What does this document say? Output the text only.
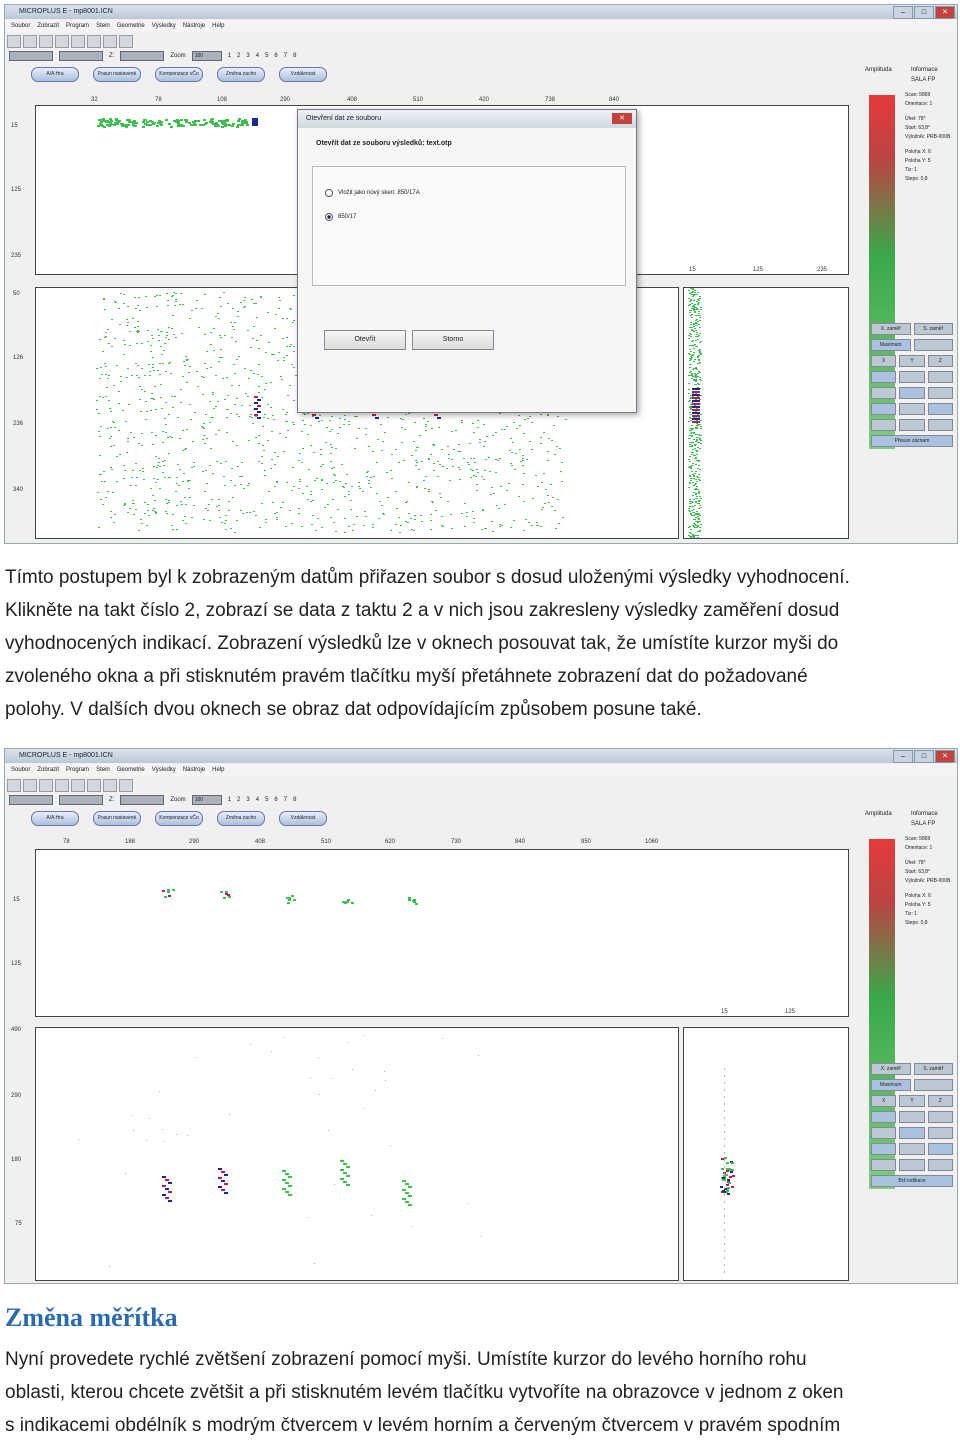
MICROPLUS E - mp8001.ICN	–	□	✕
Soubor Zobrazit Program Stein Geometrie Výsledky Nástroje Help
Z:	Zoom	100	1 2 3 4 5 6 7 8
A/A Hra	Posun nastavené	Kompenzace vČo	Změna zacho	Vzdálenost
32	78	108	290	408	510	420	738	840
15
125
235
15	125	235
50
126
236
340
Amplituda	Informace
SALA FP
Scan: 5869
Orientace: 1
Úhel: 78°
Start: 63,8°
Výložník: PRB-000B
Poloha X: 6
Poloha Y: 5
Tiz: 1
Steps: 0,8
X. zaměř	S. zaměř
Maximum
X	Y	Z
Přesun záznam
Otevření dat ze souboru	✕
Otevřít dat ze souboru výsledků: text.otp
Vložit jako nový sken: 850/17A
850/17
Otevřít	Storno
Tímto postupem byl k zobrazeným datům přiřazen soubor s dosud uloženými výsledky vyhodnocení.
Klikněte na takt číslo 2, zobrazí se data z taktu 2 a v nich jsou zakresleny výsledky zaměření dosud
vyhodnocených indikací. Zobrazení výsledků lze v oknech posouvat tak, že umístíte kurzor myši do
zvoleného okna a při stisknutém pravém tlačítku myší přetáhnete zobrazení dat do požadované
polohy. V dalších dvou oknech se obraz dat odpovídajícím způsobem posune také.
MICROPLUS E - mp8001.ICN	–	□	✕
Soubor Zobrazit Program Stein Geometrie Výsledky Nástroje Help
Z:	Zoom	100	1 2 3 4 5 6 7 8
A/A Hra	Posun nastavené	Kompenzace vČo	Změna zacho	Vzdálenost
78	188	290	408	510	620	730	840	950	1060
15
125
15	125
490
290
180
75
Amplituda	Informace
SALA FP
Scan: 5869
Orientace: 1
Úhel: 78°
Start: 63,8°
Výložník: PRB-000B
Poloha X: 6
Poloha Y: 5
Tiz: 1
Steps: 0,8
X. zaměř	S. zaměř
Maximum
X	Y	Z
Brž indikace
Změna měřítka
Nyní provedete rychlé zvětšení zobrazení pomocí myši. Umístíte kurzor do levého horního rohu
oblasti, kterou chcete zvětšit a při stisknutém levém tlačítku vytvoříte na obrazovce v jednom z oken
s indikacemi obdélník s modrým čtvercem v levém horním a červeným čtvercem v pravém spodním
